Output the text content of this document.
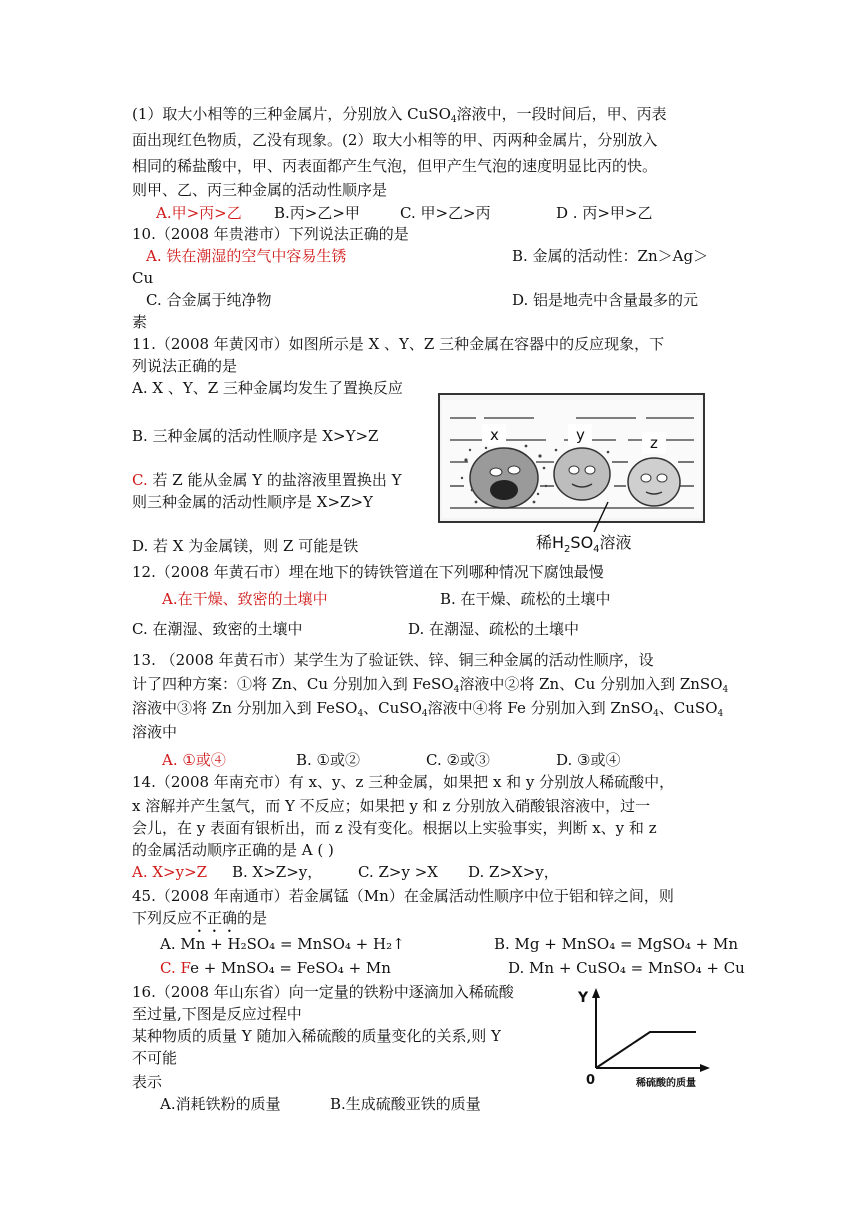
(1）取大小相等的三种金属片，分别放入 CuSO$_4$溶液中，一段时间后，甲、丙表
面出现红色物质，乙没有现象。(2）取大小相等的甲、丙两种金属片，分别放入
相同的稀盐酸中，甲、丙表面都产生气泡，但甲产生气泡的速度明显比丙的快。
则甲、乙、丙三种金属的活动性顺序是
A.甲>丙>乙 B.丙>乙>甲	C. 甲>乙>丙	D . 丙>甲>乙
10.（2008 年贵港市）下列说法正确的是
A. 铁在潮湿的空气中容易生锈	B. 金属的活动性：Zn＞Ag＞
Cu
C. 合金属于纯净物	D. 铝是地壳中含量最多的元
素
11.（2008 年黄冈市）如图所示是 X 、Y、Z 三种金属在容器中的反应现象，下
列说法正确的是
A. X 、Y、Z 三种金属均发生了置换反应
B. 三种金属的活动性顺序是 X>Y>Z
C. 若 Z 能从金属 Y 的盐溶液里置换出 Y
则三种金属的活动性顺序是 X>Z>Y
D. 若 X 为金属镁，则 Z 可能是铁
x	y	z
稀$H_2SO_4$溶液
12.（2008 年黄石市）埋在地下的铸铁管道在下列哪种情况下腐蚀最慢
A.在干燥、致密的土壤中	B. 在干燥、疏松的土壤中
C. 在潮湿、致密的土壤中	D. 在潮湿、疏松的土壤中
13. （2008 年黄石市）某学生为了验证铁、锌、铜三种金属的活动性顺序，设
计了四种方案：①将 Zn、Cu 分别加入到 FeSO$_4$溶液中②将 Zn、Cu 分别加入到 ZnSO$_4$
溶液中③将 Zn 分别加入到 FeSO$_4$、CuSO$_4$溶液中④将 Fe 分别加入到 ZnSO$_4$、CuSO$_4$
溶液中
A. ①或④	B. ①或②	C. ②或③	D. ③或④
14.（2008 年南充市）有 x、y、z 三种金属，如果把 x 和 y 分别放人稀硫酸中，
x 溶解并产生氢气，而 Y 不反应；如果把 y 和 z 分别放入硝酸银溶液中，过一
会儿，在 y 表面有银析出，而 z 没有变化。根据以上实验事实，判断 x、y 和 z
的金属活动顺序正确的是 A ( )
A. X>y>Z B. X>Z>y， C. Z>y >X D. Z>X>y，
45.（2008 年南通市）若金属锰（Mn）在金属活动性顺序中位于铝和锌之间，则
下列反应不正确的是
A. Mn + H₂SO₄ = MnSO₄ + H₂↑	B. Mg + MnSO₄ = MgSO₄ + Mn
C. Fe + MnSO₄ = FeSO₄ + Mn	D. Mn + CuSO₄ = MnSO₄ + Cu
16.（2008 年山东省）向一定量的铁粉中逐滴加入稀硫酸
至过量,下图是反应过程中
某种物质的质量 Y 随加入稀硫酸的质量变化的关系,则 Y
不可能
表示
A.消耗铁粉的质量	B.生成硫酸亚铁的质量
Y
0	稀硫酸的质量
